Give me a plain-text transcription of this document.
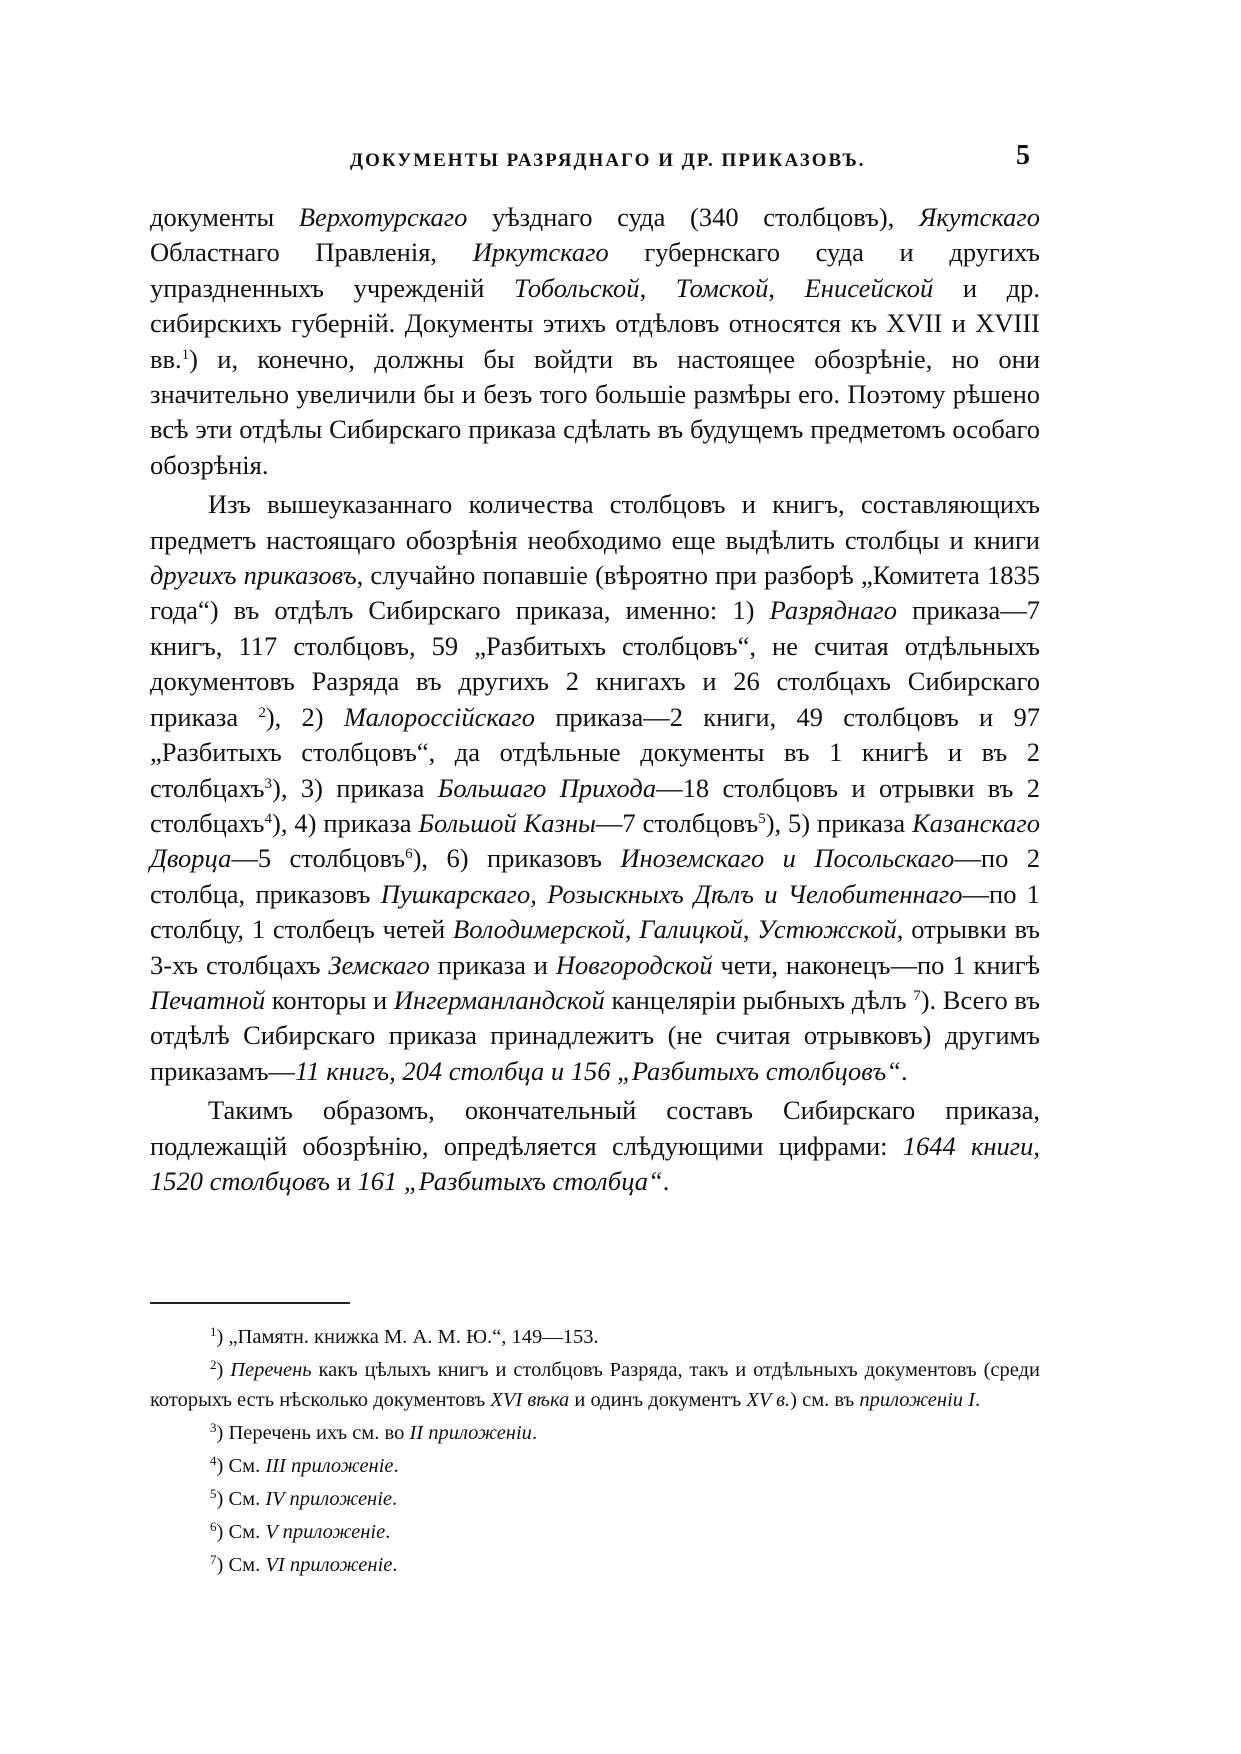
ДОКУМЕНТЫ РАЗРЯДНАГО И ДР. ПРИКАЗОВЪ.	5

документы Верхотурскаго уѣзднаго суда (340 столбцовъ), Якутскаго Областнаго Правленія, Иркутскаго губернскаго суда и другихъ упраздненныхъ учрежденій Тобольской, Томской, Енисейской и др. сибирскихъ губерній. Документы этихъ отдѣловъ относятся къ XVII и XVIII вв.$^1$) и, конечно, должны бы войдти въ настоящее обозрѣніе, но они значительно увеличили бы и безъ того большіе размѣры его. Поэтому рѣшено всѣ эти отдѣлы Сибирскаго приказа сдѣлать въ будущемъ предметомъ особаго обозрѣнія.

Изъ вышеуказаннаго количества столбцовъ и книгъ, составляющихъ предметъ настоящаго обозрѣнія необходимо еще выдѣлить столбцы и книги другихъ приказовъ, случайно попавшіе (вѣроятно при разборѣ „Комитета 1835 года“) въ отдѣлъ Сибирскаго приказа, именно: 1) Разряднаго приказа—7 книгъ, 117 столбцовъ, 59 „Разбитыхъ столбцовъ“, не считая отдѣльныхъ документовъ Разряда въ другихъ 2 книгахъ и 26 столбцахъ Сибирскаго приказа $^2$), 2) Малороссійскаго приказа—2 книги, 49 столбцовъ и 97 „Разбитыхъ столбцовъ“, да отдѣльные документы въ 1 книгѣ и въ 2 столбцахъ$^3$), 3) приказа Большаго Прихода—18 столбцовъ и отрывки въ 2 столбцахъ$^4$), 4) приказа Большой Казны—7 столбцовъ$^5$), 5) приказа Казанскаго Дворца—5 столбцовъ$^6$), 6) приказовъ Иноземскаго и Посольскаго—по 2 столбца, приказовъ Пушкарскаго, Розыскныхъ Дѣлъ и Челобитеннаго—по 1 столбцу, 1 столбецъ четей Володимерской, Галицкой, Устюжской, отрывки въ 3-хъ столбцахъ Земскаго приказа и Новгородской чети, наконецъ—по 1 книгѣ Печатной конторы и Ингерманландской канцеляріи рыбныхъ дѣлъ $^7$). Всего въ отдѣлѣ Сибирскаго приказа принадлежитъ (не считая отрывковъ) другимъ приказамъ—11 книгъ, 204 столбца и 156 „Разбитыхъ столбцовъ“.

Такимъ образомъ, окончательный составъ Сибирскаго приказа, подлежащій обозрѣнію, опредѣляется слѣдующими цифрами: 1644 книги, 1520 столбцовъ и 161 „Разбитыхъ столбца“.

$^1$) „Памятн. книжка М. А. М. Ю.“, 149—153.

$^2$) Перечень какъ цѣлыхъ книгъ и столбцовъ Разряда, такъ и отдѣльныхъ документовъ (среди которыхъ есть нѣсколько документовъ XVI вѣка и одинъ документъ XV в.) см. въ приложеніи I.

$^3$) Перечень ихъ см. во II приложеніи.

$^4$) См. III приложеніе.

$^5$) См. IV приложеніе.

$^6$) См. V приложеніе.

$^7$) См. VI приложеніе.
